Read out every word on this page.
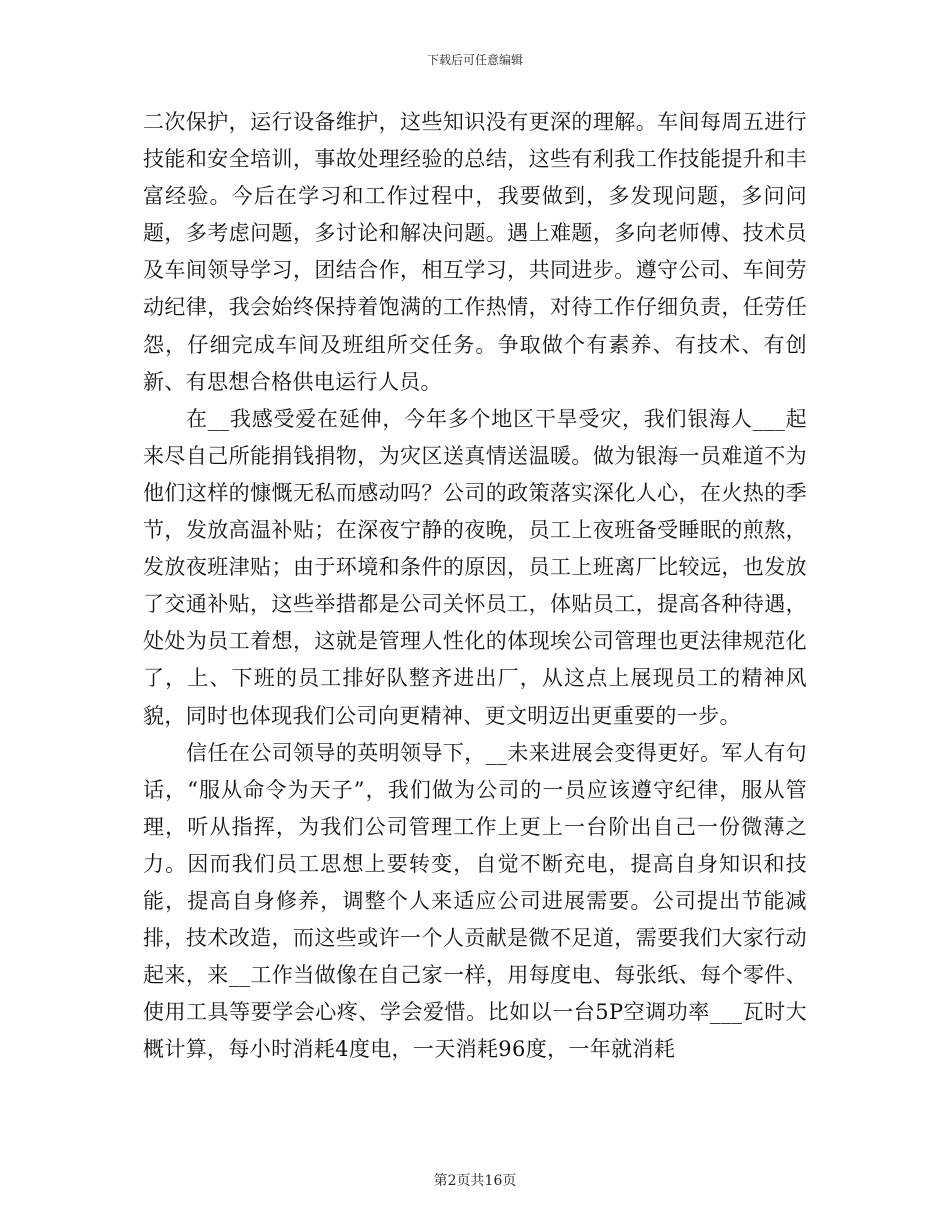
下载后可任意编辑

二次保护，运行设备维护，这些知识没有更深的理解。车间每周五进行技能和安全培训，事故处理经验的总结，这些有利我工作技能提升和丰富经验。今后在学习和工作过程中，我要做到，多发现问题，多问问题，多考虑问题，多讨论和解决问题。遇上难题，多向老师傅、技术员及车间领导学习，团结合作，相互学习，共同进步。遵守公司、车间劳动纪律，我会始终保持着饱满的工作热情，对待工作仔细负责，任劳任怨，仔细完成车间及班组所交任务。争取做个有素养、有技术、有创新、有思想合格供电运行人员。

在__我感受爱在延伸，今年多个地区干旱受灾，我们银海人___起来尽自己所能捐钱捐物，为灾区送真情送温暖。做为银海一员难道不为他们这样的慷慨无私而感动吗？公司的政策落实深化人心，在火热的季节，发放高温补贴；在深夜宁静的夜晚，员工上夜班备受睡眠的煎熬，发放夜班津贴；由于环境和条件的原因，员工上班离厂比较远，也发放了交通补贴，这些举措都是公司关怀员工，体贴员工，提高各种待遇，处处为员工着想，这就是管理人性化的体现埃公司管理也更法律规范化了，上、下班的员工排好队整齐进出厂，从这点上展现员工的精神风貌，同时也体现我们公司向更精神、更文明迈出更重要的一步。

信任在公司领导的英明领导下，__未来进展会变得更好。军人有句话，“服从命令为天子”，我们做为公司的一员应该遵守纪律，服从管理，听从指挥，为我们公司管理工作上更上一台阶出自己一份微薄之力。因而我们员工思想上要转变，自觉不断充电，提高自身知识和技能，提高自身修养，调整个人来适应公司进展需要。公司提出节能减排，技术改造，而这些或许一个人贡献是微不足道，需要我们大家行动起来，来__工作当做像在自己家一样，用每度电、每张纸、每个零件、使用工具等要学会心疼、学会爱惜。比如以一台5P空调功率___瓦时大概计算，每小时消耗4度电，一天消耗96度，一年就消耗

第2页共16页
